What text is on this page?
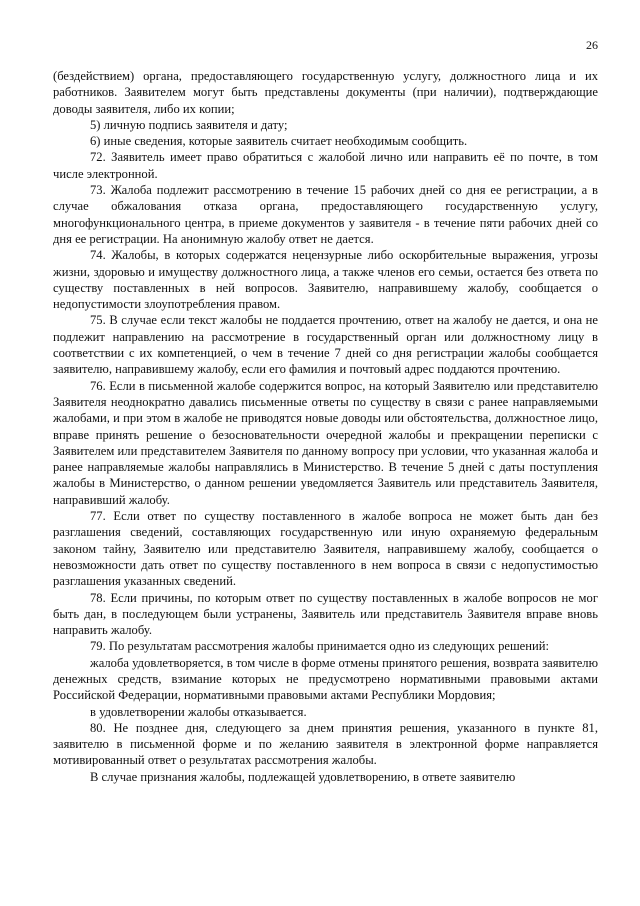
26

(бездействием) органа, предоставляющего государственную услугу, должностного лица и их работников. Заявителем могут быть представлены документы (при наличии), подтверждающие доводы заявителя, либо их копии;

5) личную подпись заявителя и дату;

6) иные сведения, которые заявитель считает необходимым сообщить.

72. Заявитель имеет право обратиться с жалобой лично или направить её по почте, в том числе электронной.

73. Жалоба подлежит рассмотрению в течение 15 рабочих дней со дня ее регистрации, а в случае обжалования отказа органа, предоставляющего государственную услугу, многофункционального центра, в приеме документов у заявителя - в течение пяти рабочих дней со дня ее регистрации. На анонимную жалобу ответ не дается.

74. Жалобы, в которых содержатся нецензурные либо оскорбительные выражения, угрозы жизни, здоровью и имуществу должностного лица, а также членов его семьи, остается без ответа по существу поставленных в ней вопросов. Заявителю, направившему жалобу, сообщается о недопустимости злоупотребления правом.

75. В случае если текст жалобы не поддается прочтению, ответ на жалобу не дается, и она не подлежит направлению на рассмотрение в государственный орган или должностному лицу в соответствии с их компетенцией, о чем в течение 7 дней со дня регистрации жалобы сообщается заявителю, направившему жалобу, если его фамилия и почтовый адрес поддаются прочтению.

76. Если в письменной жалобе содержится вопрос, на который Заявителю или представителю Заявителя неоднократно давались письменные ответы по существу в связи с ранее направляемыми жалобами, и при этом в жалобе не приводятся новые доводы или обстоятельства, должностное лицо, вправе принять решение о безосновательности очередной жалобы и прекращении переписки с Заявителем или представителем Заявителя по данному вопросу при условии, что указанная жалоба и ранее направляемые жалобы направлялись в Министерство. В течение 5 дней с даты поступления жалобы в Министерство, о данном решении уведомляется Заявитель или представитель Заявителя, направивший жалобу.

77. Если ответ по существу поставленного в жалобе вопроса не может быть дан без разглашения сведений, составляющих государственную или иную охраняемую федеральным законом тайну, Заявителю или представителю Заявителя, направившему жалобу, сообщается о невозможности дать ответ по существу поставленного в нем вопроса в связи с недопустимостью разглашения указанных сведений.

78. Если причины, по которым ответ по существу поставленных в жалобе вопросов не мог быть дан, в последующем были устранены, Заявитель или представитель Заявителя вправе вновь направить жалобу.

79. По результатам рассмотрения жалобы принимается одно из следующих решений:

жалоба удовлетворяется, в том числе в форме отмены принятого решения, возврата заявителю денежных средств, взимание которых не предусмотрено нормативными правовыми актами Российской Федерации, нормативными правовыми актами Республики Мордовия;

в удовлетворении жалобы отказывается.

80. Не позднее дня, следующего за днем принятия решения, указанного в пункте 81, заявителю в письменной форме и по желанию заявителя в электронной форме направляется мотивированный ответ о результатах рассмотрения жалобы.

В случае признания жалобы, подлежащей удовлетворению, в ответе заявителю
